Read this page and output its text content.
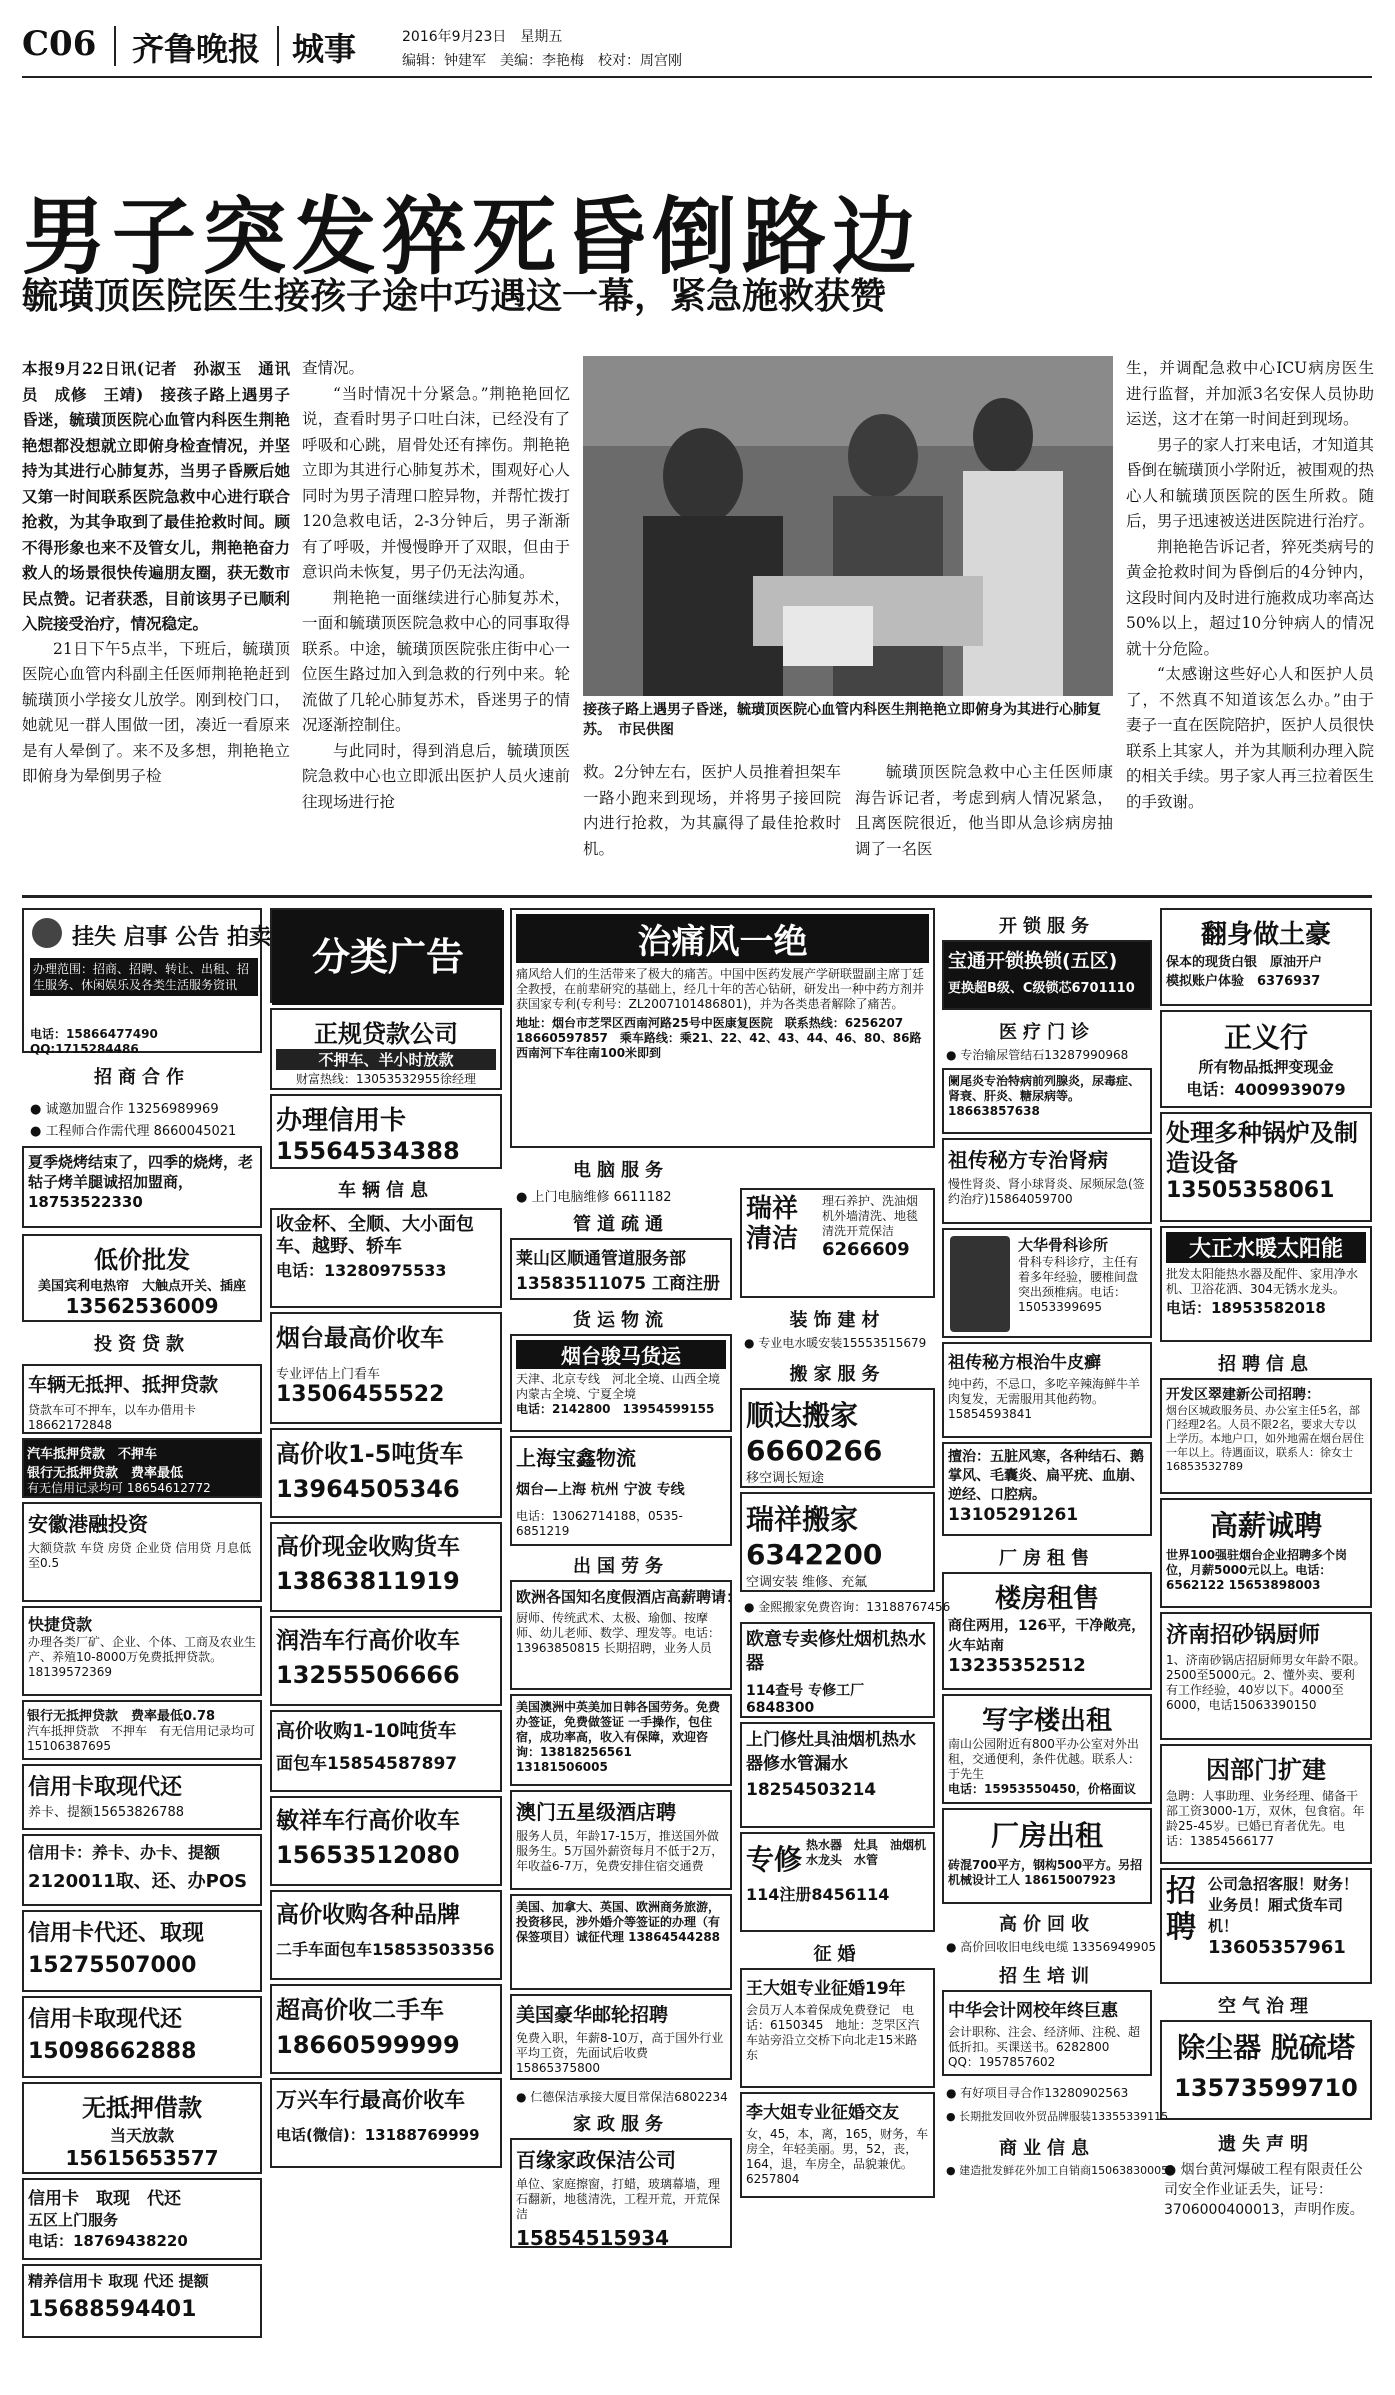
C06 齐鲁晚报 城事	2016年9月23日　星期五
编辑：钟建军　美编：李艳梅　校对：周宫刚
男子突发猝死昏倒路边
毓璜顶医院医生接孩子途中巧遇这一幕，紧急施救获赞

本报9月22日讯(记者　孙淑玉　通讯员　成修　王靖)　接孩子路上遇男子昏迷，毓璜顶医院心血管内科医生荆艳艳想都没想就立即俯身检查情况，并坚持为其进行心肺复苏，当男子昏厥后她又第一时间联系医院急救中心进行联合抢救，为其争取到了最佳抢救时间。顾不得形象也来不及管女儿，荆艳艳奋力救人的场景很快传遍朋友圈，获无数市民点赞。记者获悉，目前该男子已顺利入院接受治疗，情况稳定。

21日下午5点半，下班后，毓璜顶医院心血管内科副主任医师荆艳艳赶到毓璜顶小学接女儿放学。刚到校门口，她就见一群人围做一团，凑近一看原来是有人晕倒了。来不及多想，荆艳艳立即俯身为晕倒男子检

查情况。

“当时情况十分紧急。”荆艳艳回忆说，查看时男子口吐白沫，已经没有了呼吸和心跳，眉骨处还有摔伤。荆艳艳立即为其进行心肺复苏术，围观好心人同时为男子清理口腔异物，并帮忙拨打120急救电话，2-3分钟后，男子渐渐有了呼吸，并慢慢睁开了双眼，但由于意识尚未恢复，男子仍无法沟通。

荆艳艳一面继续进行心肺复苏术，一面和毓璜顶医院急救中心的同事取得联系。中途，毓璜顶医院张庄街中心一位医生路过加入到急救的行列中来。轮流做了几轮心肺复苏术，昏迷男子的情况逐渐控制住。

与此同时，得到消息后，毓璜顶医院急救中心也立即派出医护人员火速前往现场进行抢

接孩子路上遇男子昏迷，毓璜顶医院心血管内科医生荆艳艳立即俯身为其进行心肺复苏。　市民供图

救。2分钟左右，医护人员推着担架车一路小跑来到现场，并将男子接回院内进行抢救，为其赢得了最佳抢救时机。

毓璜顶医院急救中心主任医师康海告诉记者，考虑到病人情况紧急，且离医院很近，他当即从急诊病房抽调了一名医

生，并调配急救中心ICU病房医生进行监督，并加派3名安保人员协助运送，这才在第一时间赶到现场。

男子的家人打来电话，才知道其昏倒在毓璜顶小学附近，被围观的热心人和毓璜顶医院的医生所救。随后，男子迅速被送进医院进行治疗。

荆艳艳告诉记者，猝死类病号的黄金抢救时间为昏倒后的4分钟内，这段时间内及时进行施救成功率高达50%以上，超过10分钟病人的情况就十分危险。

“太感谢这些好心人和医护人员了，不然真不知道该怎么办。”由于妻子一直在医院陪护，医护人员很快联系上其家人，并为其顺利办理入院的相关手续。男子家人再三拉着医生的手致谢。

挂失 启事 公告 拍卖
办理范围：招商、招聘、转让、出租、招生服务、休闲娱乐及各类生活服务资讯
电话：15866477490　QQ:1715284486
招商合作
● 诚邀加盟合作 13256989969
● 工程师合作需代理 8660045021
夏季烧烤结束了，四季的烧烤，老轱子烤羊腿诚招加盟商，18753522330
低价批发
美国宾利电热帘　大触点开关、插座
13562536009
投资贷款
车辆无抵押、抵押贷款
贷款车可不押车，以车办借用卡18662172848
汽车抵押贷款　不押车
银行无抵押贷款　费率最低
有无信用记录均可 18654612772
安徽港融投资
大额贷款 车贷 房贷 企业贷 信用贷 月息低至0.5
快捷贷款
办理各类厂矿、企业、个体、工商及农业生产、养殖10-8000万免费抵押贷款。18139572369
银行无抵押贷款　费率最低0.78
汽车抵押贷款　不押车　有无信用记录均可15106387695
信用卡取现代还
养卡、提额15653826788
信用卡：养卡、办卡、提额
2120011取、还、办POS
信用卡代还、取现
15275507000
信用卡取现代还
15098662888
无抵押借款
当天放款
15615653577
信用卡　取现　代还
五区上门服务
电话：18769438220
精养信用卡 取现 代还 提额
15688594401
分类广告
正规贷款公司
不押车、半小时放款
财富热线：13053532955徐经理
办理信用卡
15564534388
车辆信息
收金杯、全顺、大小面包车、越野、轿车
电话：13280975533
烟台最高价收车
专业评估上门看车
13506455522
高价收1-5吨货车
13964505346
高价现金收购货车
13863811919
润浩车行高价收车
13255506666
高价收购1-10吨货车
面包车15854587897
敏祥车行高价收车
15653512080
高价收购各种品牌
二手车面包车15853503356
超高价收二手车
18660599999
万兴车行最高价收车
电话(微信)：13188769999
治痛风一绝
痛风给人们的生活带来了极大的痛苦。中国中医药发展产学研联盟副主席丁廷全教授，在前辈研究的基础上，经几十年的苦心钻研，研发出一种中药方剂并获国家专利(专利号：ZL2007101486801)，并为各类患者解除了痛苦。
地址：烟台市芝罘区西南河路25号中医康复医院　联系热线：6256207　18660597857　乘车路线：乘21、22、42、43、44、46、80、86路西南河下车往南100米即到
电脑服务
● 上门电脑维修 6611182
管道疏通
莱山区顺通管道服务部
13583511075 工商注册
货运物流
烟台骏马货运
天津、北京专线　河北全境、山西全境　内蒙古全境、宁夏全境
电话：2142800　13954599155
上海宝鑫物流
烟台—上海 杭州 宁波 专线
电话：13062714188，0535-6851219
出国劳务
欧洲各国知名度假酒店高薪聘请：
厨师、传统武术、太极、瑜伽、按摩师、幼儿老师、数学、理发等。电话：13963850815 长期招聘，业务人员
美国澳洲中英美加日韩各国劳务。免费办签证，免费做签证 一手操作，包住宿，成功率高，收入有保障，欢迎咨询：13818256561 13181506005
澳门五星级酒店聘
服务人员，年龄17-15万，推送国外做服务生。5万国外薪资每月不低于2万，年收益6-7万，免费安排住宿交通费
美国、加拿大、英国、欧洲商务旅游，投资移民，涉外婚介等签证的办理（有保签项目）诚征代理 13864544288
美国豪华邮轮招聘
免费入职，年薪8-10万，高于国外行业平均工资，先面试后收费 15865375800
● 仁德保洁承接大厦目常保洁6802234
家政服务
百缘家政保洁公司
单位、家庭擦窗，打蜡，玻璃幕墙，理石翻新，地毯清洗，工程开荒，开荒保洁
15854515934
瑞祥清洁
理石养护、洗油烟机外墙清洗、地毯清洗开荒保洁
6266609
装饰建材
● 专业电水暖安装15553515679
搬家服务
顺达搬家
6660266
移空调长短途
瑞祥搬家
6342200
空调安装 维修、充氟
● 金熙搬家免费咨询：13188767456
欧意专卖修灶烟机热水器
114查号 专修工厂6848300
上门修灶具油烟机热水器修水管漏水
18254503214
专修 热水器　灶具　油烟机　水龙头　水管
114注册8456114
征婚
王大姐专业征婚19年
会员万人本着保成免费登记　电话：6150345　地址：芝罘区汽车站旁沿立交桥下向北走15米路东
李大姐专业征婚交友
女，45，本，离，165，财务，车房全，年轻美丽。男，52，丧，164，退，车房全，品貌兼优。6257804
开锁服务
宝通开锁换锁(五区)
更换超B级、C级锁芯6701110
医疗门诊
● 专治输尿管结石13287990968
阑尾炎专治特病前列腺炎，尿毒症、肾衰、肝炎、糖尿病等。18663857638
祖传秘方专治肾病
慢性肾炎、肾小球肾炎、尿频尿急(签约治疗)15864059700
大华骨科诊所
骨科专科诊疗，主任有着多年经验，腰椎间盘突出颈椎病。电话：15053399695
祖传秘方根治牛皮癣
纯中药，不忌口，多吃辛辣海鲜牛羊肉复发，无需服用其他药物。15854593841
擅治：五脏风寒，各种结石、鹅掌风、毛囊炎、扁平疣、血崩、逆经、口腔病。
13105291261
厂房租售
楼房租售
商住两用，126平，干净敞亮，火车站南
13235352512
写字楼出租
南山公园附近有800平办公室对外出租，交通便利，条件优越。联系人：于先生
电话：15953550450，价格面议
厂房出租
砖混700平方，钢构500平方。另招机械设计工人 18615007923
高价回收
● 高价回收旧电线电缆 13356949905
招生培训
中华会计网校年终巨惠
会计职称、注会、经济师、注税、超低折扣。买课送书。6282800　QQ：1957857602
● 有好项目寻合作13280902563
● 长期批发回收外贸品牌服装13355339115
商业信息
● 建造批发鲜花外加工自销商15063830005
翻身做土豪
保本的现货白银　原油开户
模拟账户体验　6376937
正义行
所有物品抵押变现金
电话：4009939079
处理多种锅炉及制造设备
13505358061
大正水暖太阳能
批发太阳能热水器及配件、家用净水机、卫浴花洒、304无锈水龙头。
电话：18953582018
招聘信息
开发区翠建新公司招聘：
烟台区城政服务员、办公室主任5名，部门经理2名。人员不限2名，要求大专以上学历。本地户口，如外地需在烟台居住一年以上。待遇面议，联系人：徐女士 16853532789
高薪诚聘
世界100强驻烟台企业招聘多个岗位，月薪5000元以上。电话：6562122 15653898003
济南招砂锅厨师
1、济南砂锅店招厨师男女年龄不限。2500至5000元。2、懂外卖、要利有工作经验，40岁以下。4000至6000，电话15063390150
因部门扩建
急聘：人事助理、业务经理、储备干部工资3000-1万，双休，包食宿。年龄25-45岁。已婚已育者优先。电话：13854566177
招聘
公司急招客服！财务！业务员！厢式货车司机！
13605357961
空气治理
除尘器 脱硫塔
13573599710
遗失声明
● 烟台黄河爆破工程有限责任公司安全作业证丢失，证号：3706000400013，声明作废。
